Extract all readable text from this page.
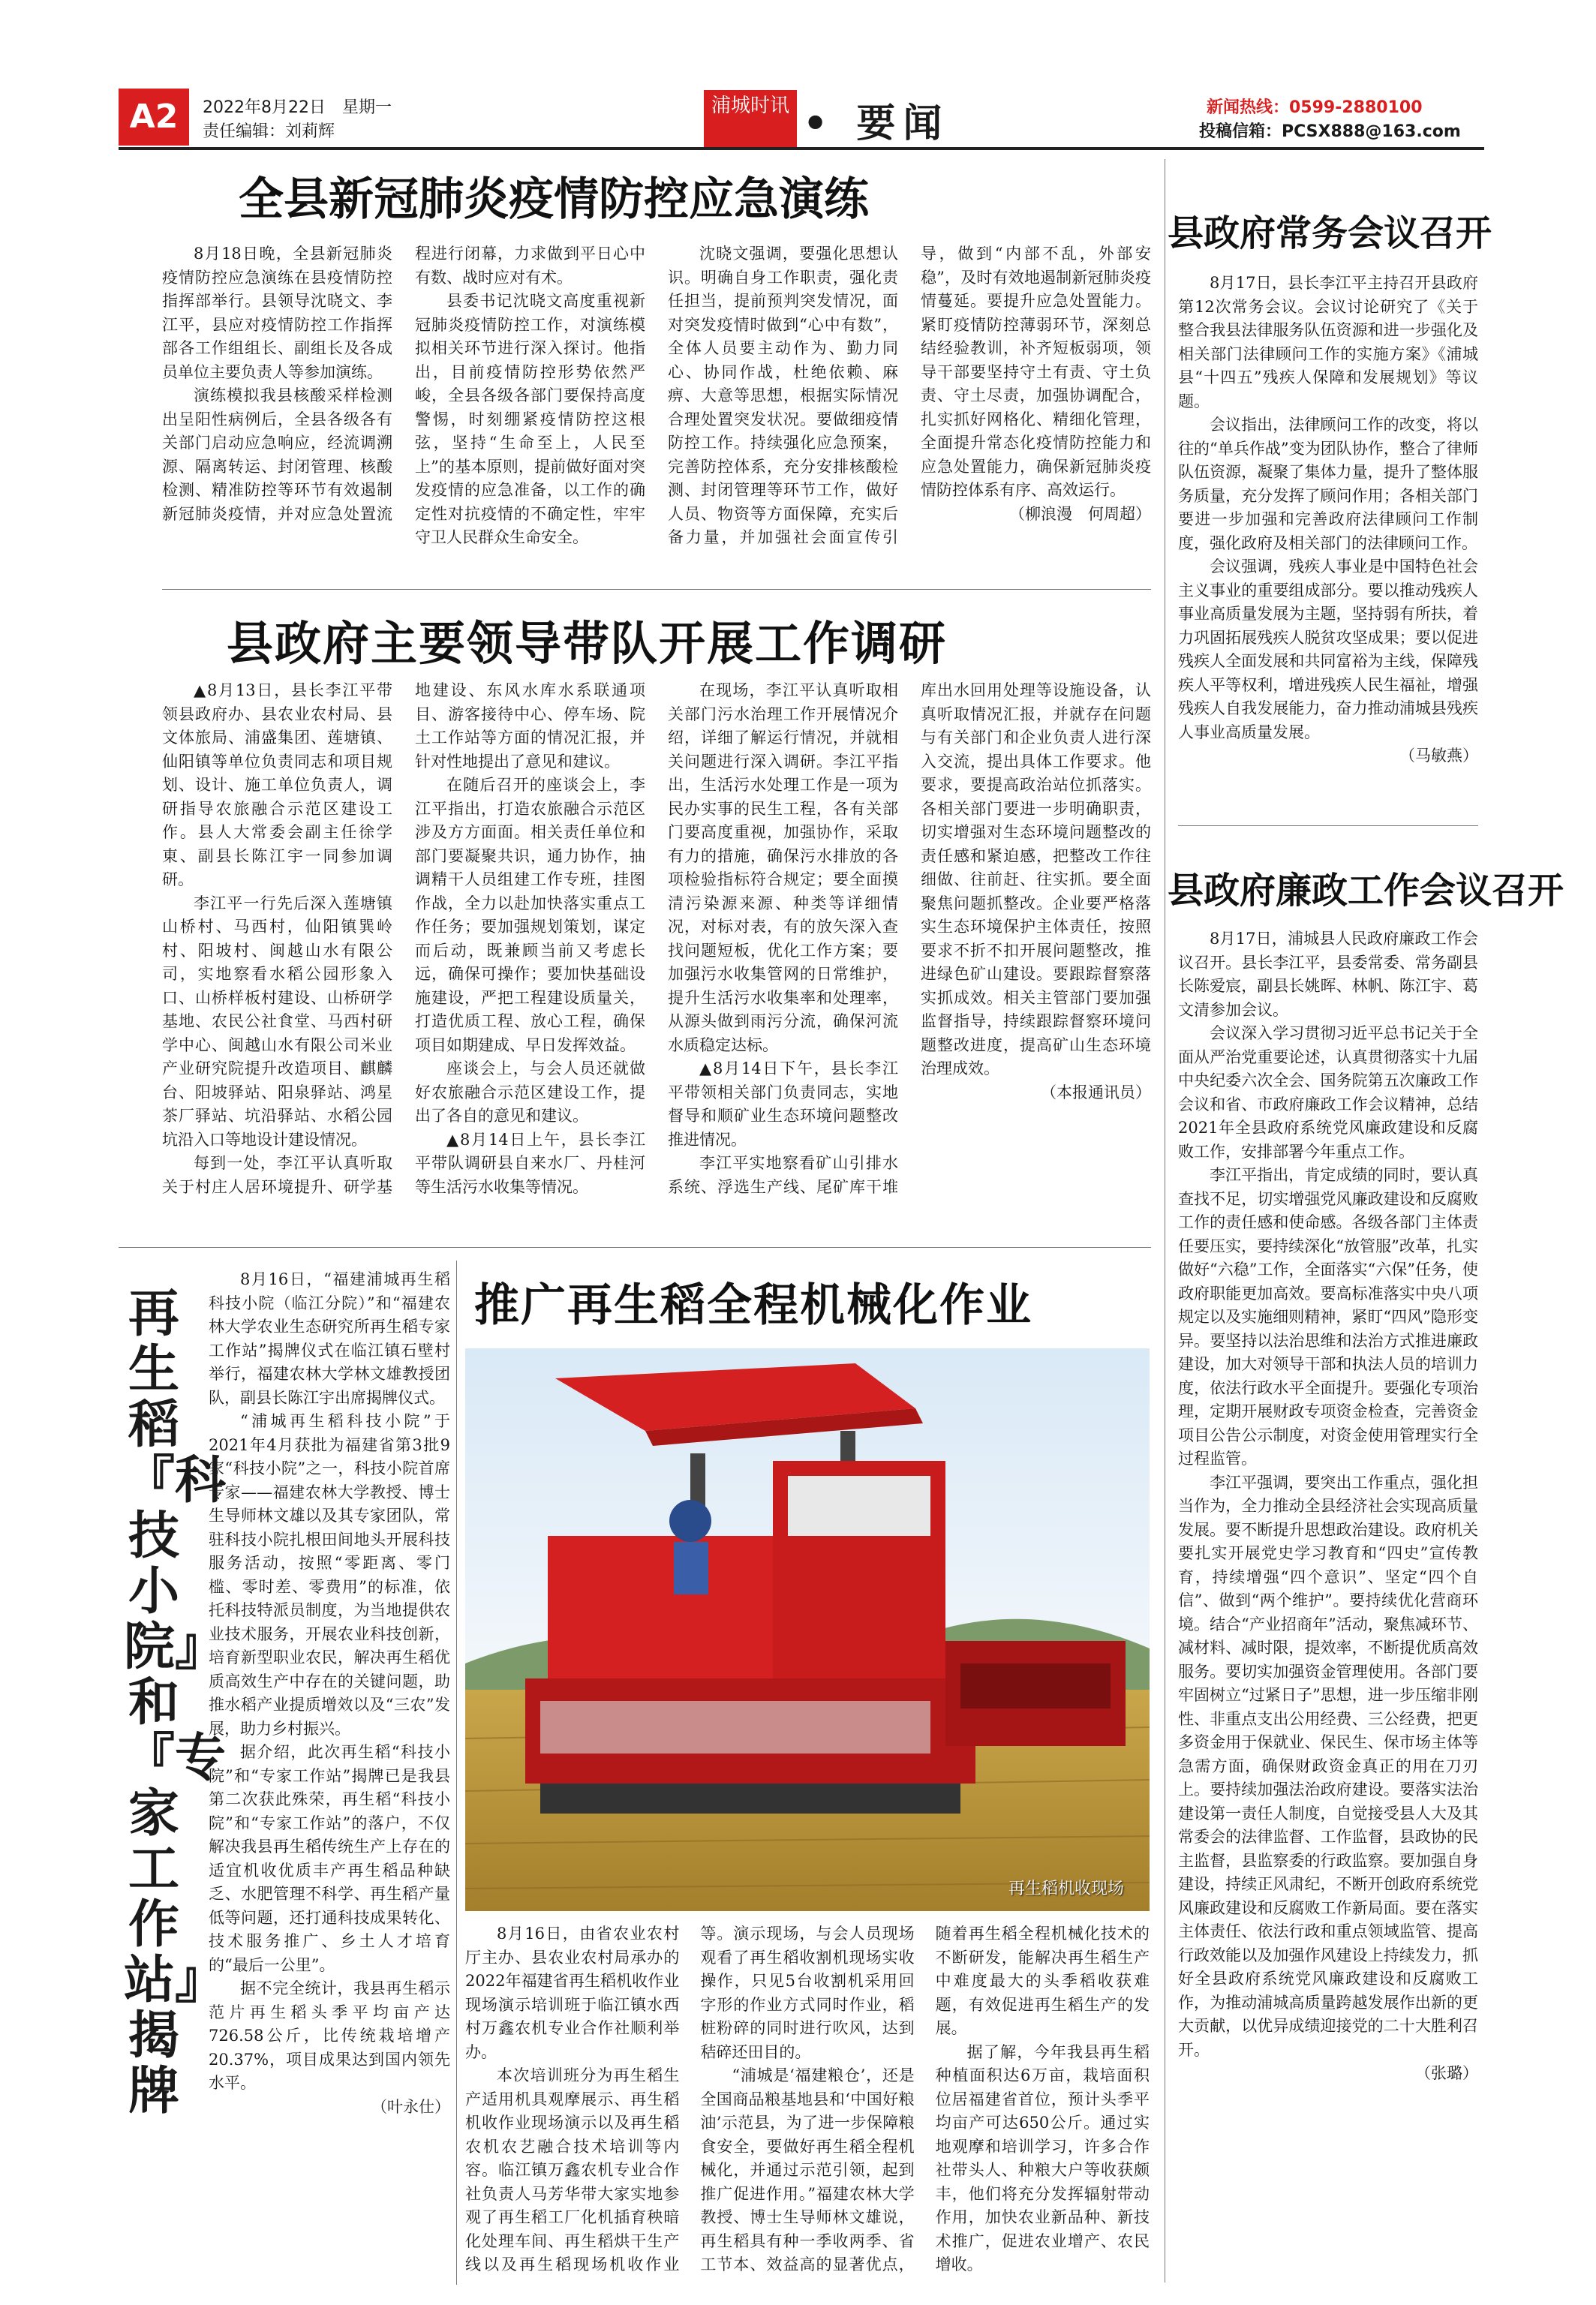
A2	2022年8月22日　星期一
责任编辑：刘莉辉
浦城时讯 • 要闻	新闻热线：0599-2880100
投稿信箱：PCSX888@163.com
全县新冠肺炎疫情防控应急演练

8月18日晚，全县新冠肺炎疫情防控应急演练在县疫情防控指挥部举行。县领导沈晓文、李江平，县应对疫情防控工作指挥部各工作组组长、副组长及各成员单位主要负责人等参加演练。

演练模拟我县核酸采样检测出呈阳性病例后，全县各级各有关部门启动应急响应，经流调溯源、隔离转运、封闭管理、核酸检测、精准防控等环节有效遏制新冠肺炎疫情，并对应急处置流程进行闭幕，力求做到平日心中有数、战时应对有术。

县委书记沈晓文高度重视新冠肺炎疫情防控工作，对演练模拟相关环节进行深入探讨。他指出，目前疫情防控形势依然严峻，全县各级各部门要保持高度警惕，时刻绷紧疫情防控这根弦，坚持“生命至上，人民至上”的基本原则，提前做好面对突发疫情的应急准备，以工作的确定性对抗疫情的不确定性，牢牢守卫人民群众生命安全。

沈晓文强调，要强化思想认识。明确自身工作职责，强化责任担当，提前预判突发情况，面对突发疫情时做到“心中有数”，全体人员要主动作为、勤力同心、协同作战，杜绝依赖、麻痹、大意等思想，根据实际情况合理处置突发状况。要做细疫情防控工作。持续强化应急预案，完善防控体系，充分安排核酸检测、封闭管理等环节工作，做好人员、物资等方面保障，充实后备力量，并加强社会面宣传引导，做到“内部不乱，外部安稳”，及时有效地遏制新冠肺炎疫情蔓延。要提升应急处置能力。紧盯疫情防控薄弱环节，深刻总结经验教训，补齐短板弱项，领导干部要坚持守土有责、守土负责、守土尽责，加强协调配合，扎实抓好网格化、精细化管理，全面提升常态化疫情防控能力和应急处置能力，确保新冠肺炎疫情防控体系有序、高效运行。

（柳浪漫　何周超）

县政府主要领导带队开展工作调研

▲8月13日，县长李江平带领县政府办、县农业农村局、县文体旅局、浦盛集团、莲塘镇、仙阳镇等单位负责同志和项目规划、设计、施工单位负责人，调研指导农旅融合示范区建设工作。县人大常委会副主任徐学東、副县长陈江宇一同参加调研。

李江平一行先后深入莲塘镇山桥村、马西村，仙阳镇巽岭村、阳坡村、闽越山水有限公司，实地察看水稻公园形象入口、山桥样板村建设、山桥研学基地、农民公社食堂、马西村研学中心、闽越山水有限公司米业产业研究院提升改造项目、麒麟台、阳坡驿站、阳泉驿站、鸿星茶厂驿站、坑沿驿站、水稻公园坑沿入口等地设计建设情况。

每到一处，李江平认真听取关于村庄人居环境提升、研学基地建设、东风水库水系联通项目、游客接待中心、停车场、院土工作站等方面的情况汇报，并针对性地提出了意见和建议。

在随后召开的座谈会上，李江平指出，打造农旅融合示范区涉及方方面面。相关责任单位和部门要凝聚共识，通力协作，抽调精干人员组建工作专班，挂图作战，全力以赴加快落实重点工作任务；要加强规划策划，谋定而后动，既兼顾当前又考虑长远，确保可操作；要加快基础设施建设，严把工程建设质量关，打造优质工程、放心工程，确保项目如期建成、早日发挥效益。

座谈会上，与会人员还就做好农旅融合示范区建设工作，提出了各自的意见和建议。

▲8月14日上午，县长李江平带队调研县自来水厂、丹桂河等生活污水收集等情况。

在现场，李江平认真听取相关部门污水治理工作开展情况介绍，详细了解运行情况，并就相关问题进行深入调研。李江平指出，生活污水处理工作是一项为民办实事的民生工程，各有关部门要高度重视，加强协作，采取有力的措施，确保污水排放的各项检验指标符合规定；要全面摸清污染源来源、种类等详细情况，对标对表，有的放矢深入查找问题短板，优化工作方案；要加强污水收集管网的日常维护，提升生活污水收集率和处理率，从源头做到雨污分流，确保河流水质稳定达标。

▲8月14日下午，县长李江平带领相关部门负责同志，实地督导和顺矿业生态环境问题整改推进情况。

李江平实地察看矿山引排水系统、浮选生产线、尾矿库干堆库出水回用处理等设施设备，认真听取情况汇报，并就存在问题与有关部门和企业负责人进行深入交流，提出具体工作要求。他要求，要提高政治站位抓落实。各相关部门要进一步明确职责，切实增强对生态环境问题整改的责任感和紧迫感，把整改工作往细做、往前赶、往实抓。要全面聚焦问题抓整改。企业要严格落实生态环境保护主体责任，按照要求不折不扣开展问题整改，推进绿色矿山建设。要跟踪督察落实抓成效。相关主管部门要加强监督指导，持续跟踪督察环境问题整改进度，提高矿山生态环境治理成效。

（本报通讯员）

县政府常务会议召开

8月17日，县长李江平主持召开县政府第12次常务会议。会议讨论研究了《关于整合我县法律服务队伍资源和进一步强化及相关部门法律顾问工作的实施方案》《浦城县“十四五”残疾人保障和发展规划》等议题。

会议指出，法律顾问工作的改变，将以往的“单兵作战”变为团队协作，整合了律师队伍资源，凝聚了集体力量，提升了整体服务质量，充分发挥了顾问作用；各相关部门要进一步加强和完善政府法律顾问工作制度，强化政府及相关部门的法律顾问工作。

会议强调，残疾人事业是中国特色社会主义事业的重要组成部分。要以推动残疾人事业高质量发展为主题，坚持弱有所扶，着力巩固拓展残疾人脱贫攻坚成果；要以促进残疾人全面发展和共同富裕为主线，保障残疾人平等权利，增进残疾人民生福祉，增强残疾人自我发展能力，奋力推动浦城县残疾人事业高质量发展。

（马敏燕）

县政府廉政工作会议召开

8月17日，浦城县人民政府廉政工作会议召开。县长李江平，县委常委、常务副县长陈爱宸，副县长姚晖、林帆、陈江宇、葛文清参加会议。

会议深入学习贯彻习近平总书记关于全面从严治党重要论述，认真贯彻落实十九届中央纪委六次全会、国务院第五次廉政工作会议和省、市政府廉政工作会议精神，总结2021年全县政府系统党风廉政建设和反腐败工作，安排部署今年重点工作。

李江平指出，肯定成绩的同时，要认真查找不足，切实增强党风廉政建设和反腐败工作的责任感和使命感。各级各部门主体责任要压实，要持续深化“放管服”改革，扎实做好“六稳”工作，全面落实“六保”任务，使政府职能更加高效。要高标准落实中央八项规定以及实施细则精神，紧盯“四风”隐形变异。要坚持以法治思维和法治方式推进廉政建设，加大对领导干部和执法人员的培训力度，依法行政水平全面提升。要强化专项治理，定期开展财政专项资金检查，完善资金项目公告公示制度，对资金使用管理实行全过程监管。

李江平强调，要突出工作重点，强化担当作为，全力推动全县经济社会实现高质量发展。要不断提升思想政治建设。政府机关要扎实开展党史学习教育和“四史”宣传教育，持续增强“四个意识”、坚定“四个自信”、做到“两个维护”。要持续优化营商环境。结合“产业招商年”活动，聚焦减环节、减材料、减时限，提效率，不断提优质高效服务。要切实加强资金管理使用。各部门要牢固树立“过紧日子”思想，进一步压缩非刚性、非重点支出公用经费、三公经费，把更多资金用于保就业、保民生、保市场主体等急需方面，确保财政资金真正的用在刀刃上。要持续加强法治政府建设。要落实法治建设第一责任人制度，自觉接受县人大及其常委会的法律监督、工作监督，县政协的民主监督，县监察委的行政监察。要加强自身建设，持续正风肃纪，不断开创政府系统党风廉政建设和反腐败工作新局面。要在落实主体责任、依法行政和重点领域监管、提高行政效能以及加强作风建设上持续发力，抓好全县政府系统党风廉政建设和反腐败工作，为推动浦城高质量跨越发展作出新的更大贡献，以优异成绩迎接党的二十大胜利召开。

（张璐）

再生稻『科技小院』和『专家工作站』揭牌

8月16日，“福建浦城再生稻科技小院（临江分院）”和“福建农林大学农业生态研究所再生稻专家工作站”揭牌仪式在临江镇石壁村举行，福建农林大学林文雄教授团队，副县长陈江宇出席揭牌仪式。

“浦城再生稻科技小院”于2021年4月获批为福建省第3批9家“科技小院”之一，科技小院首席专家——福建农林大学教授、博士生导师林文雄以及其专家团队，常驻科技小院扎根田间地头开展科技服务活动，按照“零距离、零门槛、零时差、零费用”的标准，依托科技特派员制度，为当地提供农业技术服务，开展农业科技创新，培育新型职业农民，解决再生稻优质高效生产中存在的关键问题，助推水稻产业提质增效以及“三农”发展，助力乡村振兴。

据介绍，此次再生稻“科技小院”和“专家工作站”揭牌已是我县第二次获此殊荣，再生稻“科技小院”和“专家工作站”的落户，不仅解决我县再生稻传统生产上存在的适宜机收优质丰产再生稻品种缺乏、水肥管理不科学、再生稻产量低等问题，还打通科技成果转化、技术服务推广、乡土人才培育的“最后一公里”。

据不完全统计，我县再生稻示范片再生稻头季平均亩产达726.58公斤，比传统栽培增产20.37%，项目成果达到国内领先水平。

（叶永仕）

推广再生稻全程机械化作业
再生稻机收现场

8月16日，由省农业农村厅主办、县农业农村局承办的2022年福建省再生稻机收作业现场演示培训班于临江镇水西村万鑫农机专业合作社顺利举办。

本次培训班分为再生稻生产适用机具观摩展示、再生稻机收作业现场演示以及再生稻农机农艺融合技术培训等内容。临江镇万鑫农机专业合作社负责人马芳华带大家实地参观了再生稻工厂化机插育秧暗化处理车间、再生稻烘干生产线以及再生稻现场机收作业等。演示现场，与会人员现场观看了再生稻收割机现场实收操作，只见5台收割机采用回字形的作业方式同时作业，稻桩粉碎的同时进行吹风，达到秸碎还田目的。

“浦城是‘福建粮仓’，还是全国商品粮基地县和‘中国好粮油’示范县，为了进一步保障粮食安全，要做好再生稻全程机械化，并通过示范引领，起到推广促进作用。”福建农林大学教授、博士生导师林文雄说，再生稻具有种一季收两季、省工节本、效益高的显著优点，随着再生稻全程机械化技术的不断研发，能解决再生稻生产中难度最大的头季稻收获难题，有效促进再生稻生产的发展。

据了解，今年我县再生稻种植面积达6万亩，栽培面积位居福建省首位，预计头季平均亩产可达650公斤。通过实地观摩和培训学习，许多合作社带头人、种粮大户等收获颇丰，他们将充分发挥辐射带动作用，加快农业新品种、新技术推广，促进农业增产、农民增收。
